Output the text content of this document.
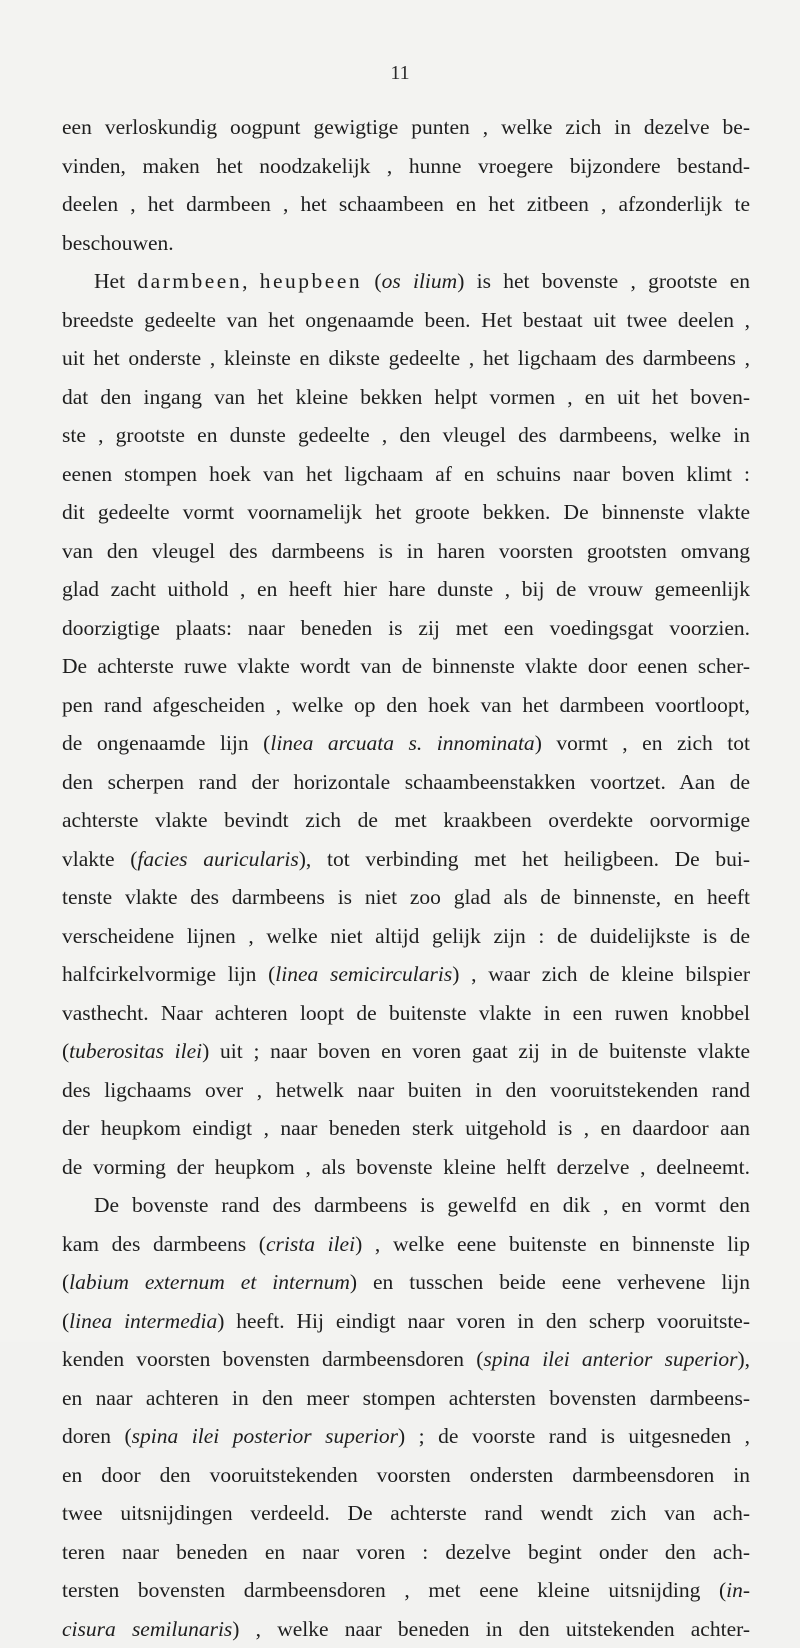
11
een verloskundig oogpunt gewigtige punten , welke zich in dezelve be-
vinden, maken het noodzakelijk , hunne vroegere bijzondere bestand-
deelen , het darmbeen , het schaambeen en het zitbeen , afzonderlijk te
beschouwen.
Het darmbeen, heupbeen (os ilium) is het bovenste , grootste en
breedste gedeelte van het ongenaamde been. Het bestaat uit twee deelen ,
uit het onderste , kleinste en dikste gedeelte , het ligchaam des darmbeens ,
dat den ingang van het kleine bekken helpt vormen , en uit het boven-
ste , grootste en dunste gedeelte , den vleugel des darmbeens, welke in
eenen stompen hoek van het ligchaam af en schuins naar boven klimt :
dit gedeelte vormt voornamelijk het groote bekken. De binnenste vlakte
van den vleugel des darmbeens is in haren voorsten grootsten omvang
glad zacht uithold , en heeft hier hare dunste , bij de vrouw gemeenlijk
doorzigtige plaats: naar beneden is zij met een voedingsgat voorzien.
De achterste ruwe vlakte wordt van de binnenste vlakte door eenen scher-
pen rand afgescheiden , welke op den hoek van het darmbeen voortloopt,
de ongenaamde lijn (linea arcuata s. innominata) vormt , en zich tot
den scherpen rand der horizontale schaambeenstakken voortzet. Aan de
achterste vlakte bevindt zich de met kraakbeen overdekte oorvormige
vlakte (facies auricularis), tot verbinding met het heiligbeen. De bui-
tenste vlakte des darmbeens is niet zoo glad als de binnenste, en heeft
verscheidene lijnen , welke niet altijd gelijk zijn : de duidelijkste is de
halfcirkelvormige lijn (linea semicircularis) , waar zich de kleine bilspier
vasthecht. Naar achteren loopt de buitenste vlakte in een ruwen knobbel
(tuberositas ilei) uit ; naar boven en voren gaat zij in de buitenste vlakte
des ligchaams over , hetwelk naar buiten in den vooruitstekenden rand
der heupkom eindigt , naar beneden sterk uitgehold is , en daardoor aan
de vorming der heupkom , als bovenste kleine helft derzelve , deelneemt.
De bovenste rand des darmbeens is gewelfd en dik , en vormt den
kam des darmbeens (crista ilei) , welke eene buitenste en binnenste lip
(labium externum et internum) en tusschen beide eene verhevene lijn
(linea intermedia) heeft. Hij eindigt naar voren in den scherp vooruitste-
kenden voorsten bovensten darmbeensdoren (spina ilei anterior superior),
en naar achteren in den meer stompen achtersten bovensten darmbeens-
doren (spina ilei posterior superior) ; de voorste rand is uitgesneden ,
en door den vooruitstekenden voorsten ondersten darmbeensdoren in
twee uitsnijdingen verdeeld. De achterste rand wendt zich van ach-
teren naar beneden en naar voren : dezelve begint onder den ach-
tersten bovensten darmbeensdoren , met eene kleine uitsnijding (in-
cisura semilunaris) , welke naar beneden in den uitstekenden achter-
